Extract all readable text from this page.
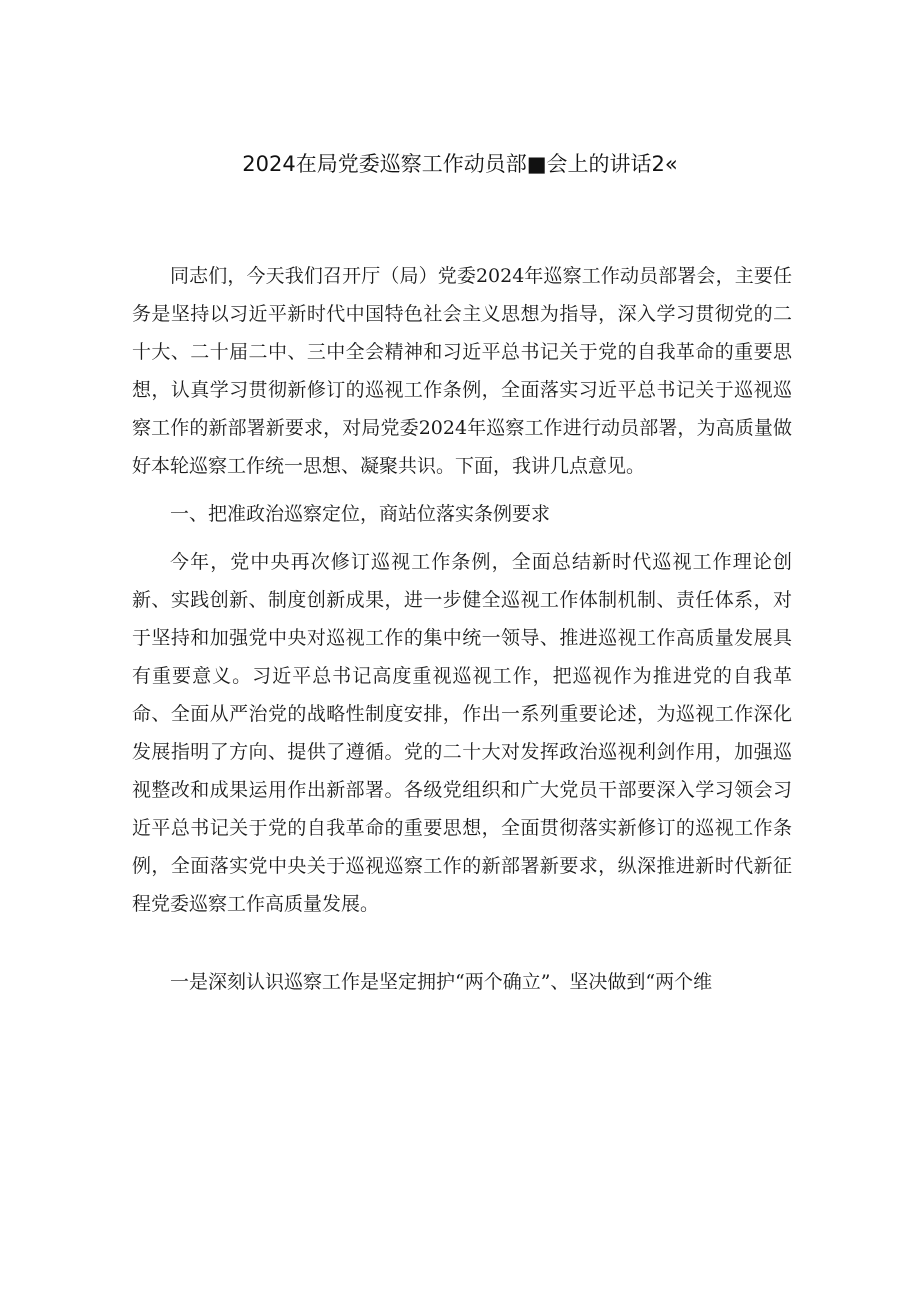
2024在局党委巡察工作动员部■会上的讲话2«

同志们，今天我们召开厅（局）党委2024年巡察工作动员部署会，主要任务是坚持以习近平新时代中国特色社会主义思想为指导，深入学习贯彻党的二十大、二十届二中、三中全会精神和习近平总书记关于党的自我革命的重要思想，认真学习贯彻新修订的巡视工作条例，全面落实习近平总书记关于巡视巡察工作的新部署新要求，对局党委2024年巡察工作进行动员部署，为高质量做好本轮巡察工作统一思想、凝聚共识。下面，我讲几点意见。

一、把准政治巡察定位，商站位落实条例要求

今年，党中央再次修订巡视工作条例，全面总结新时代巡视工作理论创新、实践创新、制度创新成果，进一步健全巡视工作体制机制、责任体系，对于坚持和加强党中央对巡视工作的集中统一领导、推进巡视工作高质量发展具有重要意义。习近平总书记高度重视巡视工作，把巡视作为推进党的自我革命、全面从严治党的战略性制度安排，作出一系列重要论述，为巡视工作深化发展指明了方向、提供了遵循。党的二十大对发挥政治巡视利剑作用，加强巡视整改和成果运用作出新部署。各级党组织和广大党员干部要深入学习领会习近平总书记关于党的自我革命的重要思想，全面贯彻落实新修订的巡视工作条例，全面落实党中央关于巡视巡察工作的新部署新要求，纵深推进新时代新征程党委巡察工作高质量发展。

一是深刻认识巡察工作是坚定拥护“两个确立”、坚决做到“两个维
